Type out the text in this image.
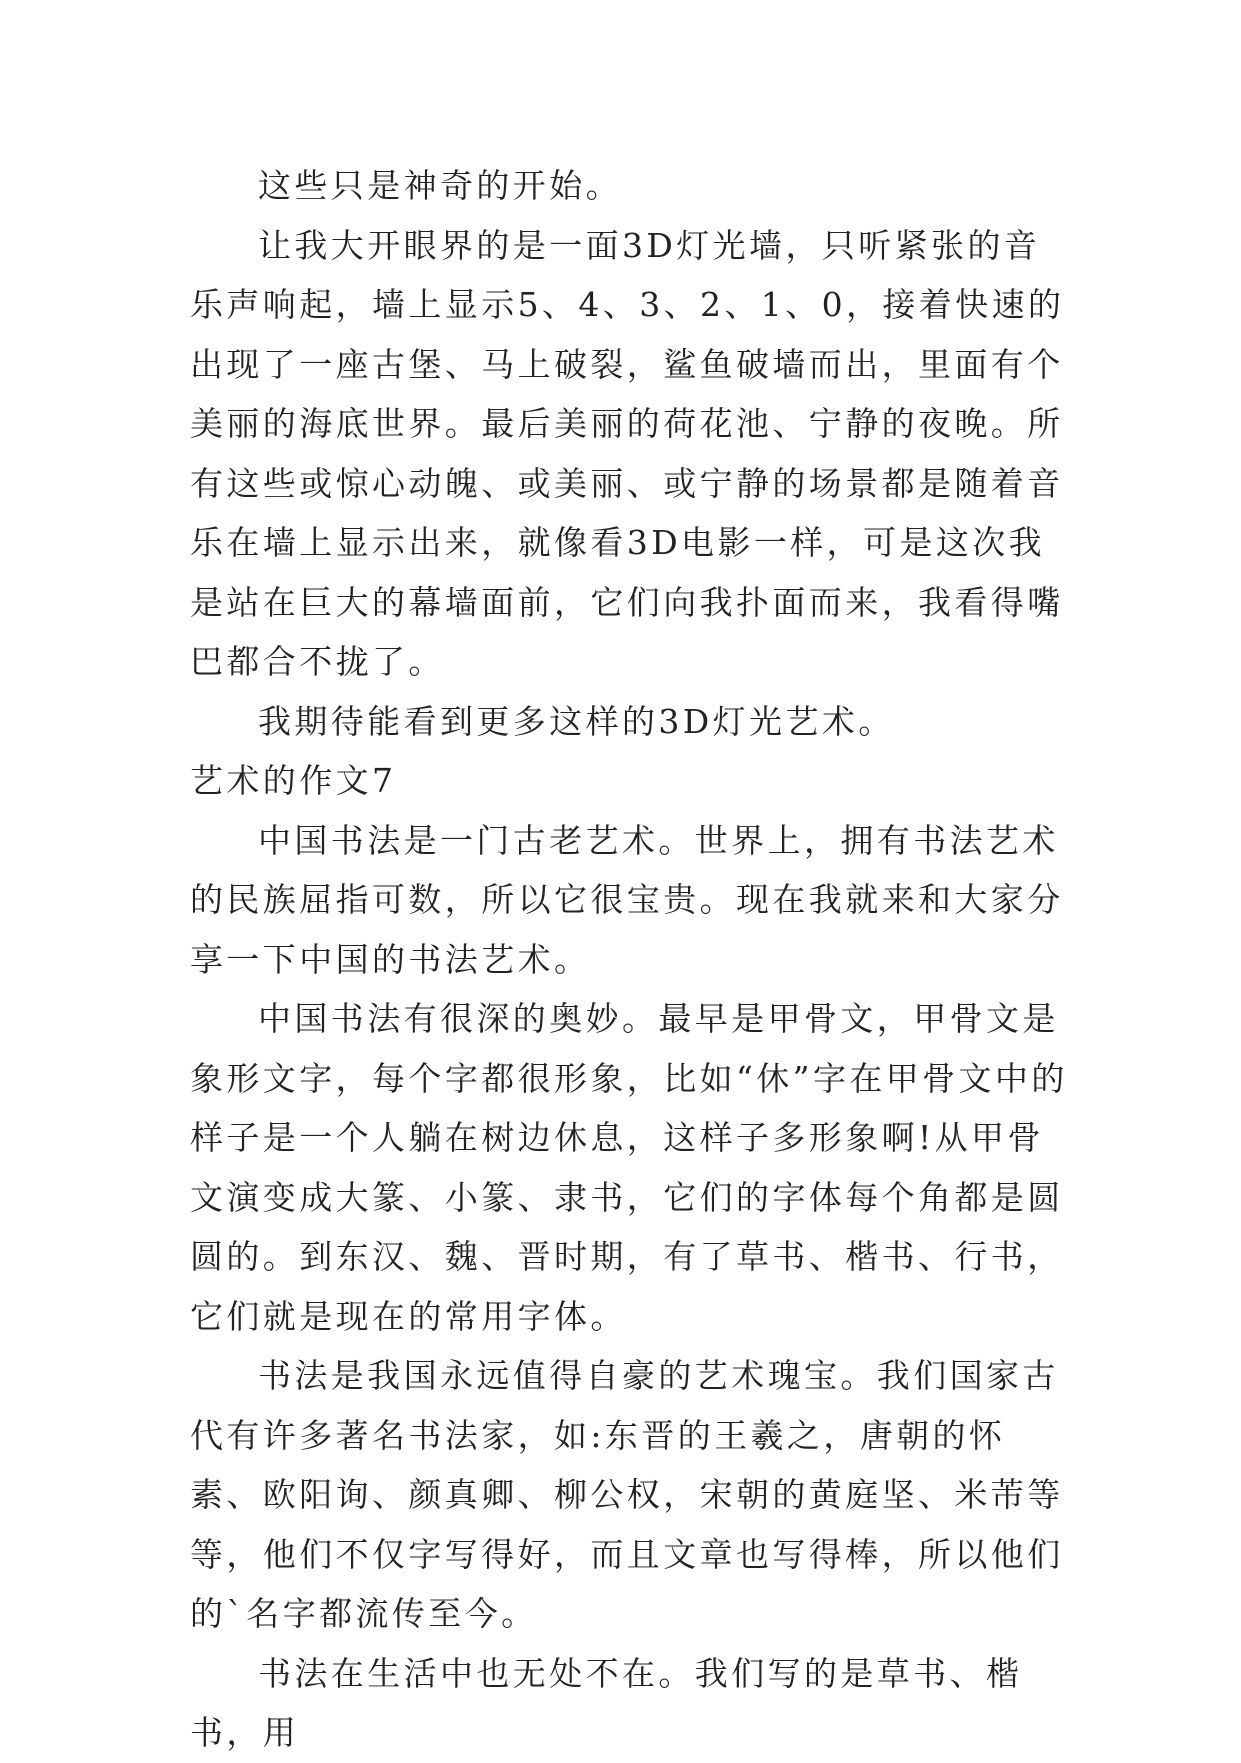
这些只是神奇的开始。

让我大开眼界的是一面3D灯光墙，只听紧张的音乐声响起，墙上显示5、4、3、2、1、0，接着快速的出现了一座古堡、马上破裂，鲨鱼破墙而出，里面有个美丽的海底世界。最后美丽的荷花池、宁静的夜晚。所有这些或惊心动魄、或美丽、或宁静的场景都是随着音乐在墙上显示出来，就像看3D电影一样，可是这次我是站在巨大的幕墙面前，它们向我扑面而来，我看得嘴巴都合不拢了。

我期待能看到更多这样的3D灯光艺术。

艺术的作文7

中国书法是一门古老艺术。世界上，拥有书法艺术的民族屈指可数，所以它很宝贵。现在我就来和大家分享一下中国的书法艺术。

中国书法有很深的奥妙。最早是甲骨文，甲骨文是象形文字，每个字都很形象，比如“休”字在甲骨文中的样子是一个人躺在树边休息，这样子多形象啊!从甲骨文演变成大篆、小篆、隶书，它们的字体每个角都是圆圆的。到东汉、魏、晋时期，有了草书、楷书、行书，它们就是现在的常用字体。

书法是我国永远值得自豪的艺术瑰宝。我们国家古代有许多著名书法家，如:东晋的王羲之，唐朝的怀素、欧阳询、颜真卿、柳公权，宋朝的黄庭坚、米芾等等，他们不仅字写得好，而且文章也写得棒，所以他们的`名字都流传至今。

书法在生活中也无处不在。我们写的是草书、楷书，用
